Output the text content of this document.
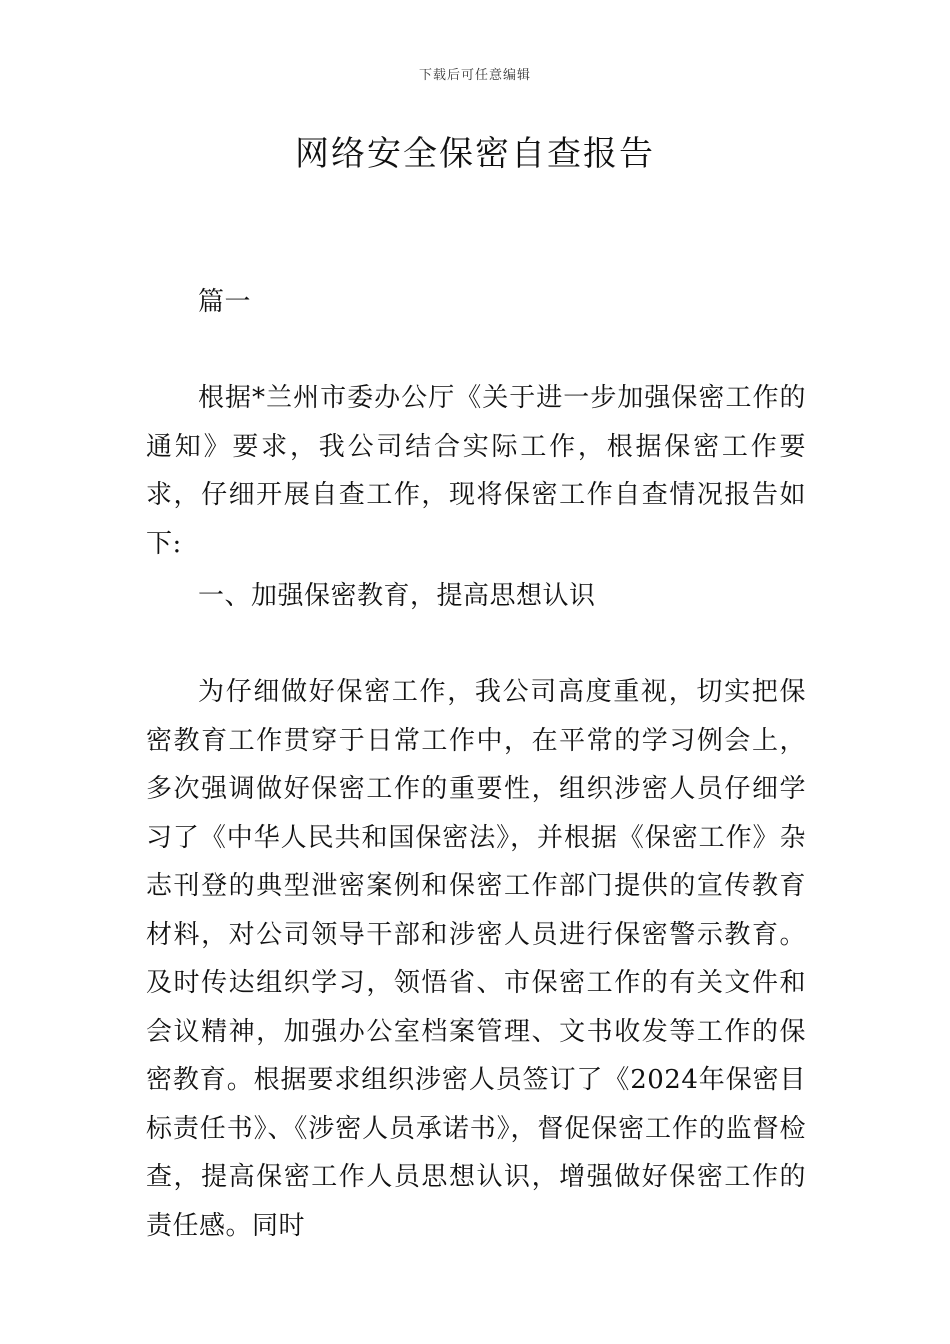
下载后可任意编辑
网络安全保密自查报告

篇一

根据*兰州市委办公厅《关于进一步加强保密工作的通知》要求，我公司结合实际工作，根据保密工作要求，仔细开展自查工作，现将保密工作自查情况报告如下:

一、加强保密教育，提高思想认识

为仔细做好保密工作，我公司高度重视，切实把保密教育工作贯穿于日常工作中，在平常的学习例会上，多次强调做好保密工作的重要性，组织涉密人员仔细学习了《中华人民共和国保密法》，并根据《保密工作》杂志刊登的典型泄密案例和保密工作部门提供的宣传教育材料，对公司领导干部和涉密人员进行保密警示教育。及时传达组织学习，领悟省、市保密工作的有关文件和会议精神，加强办公室档案管理、文书收发等工作的保密教育。根据要求组织涉密人员签订了《2024年保密目标责任书》、《涉密人员承诺书》，督促保密工作的监督检查，提高保密工作人员思想认识，增强做好保密工作的责任感。同时
